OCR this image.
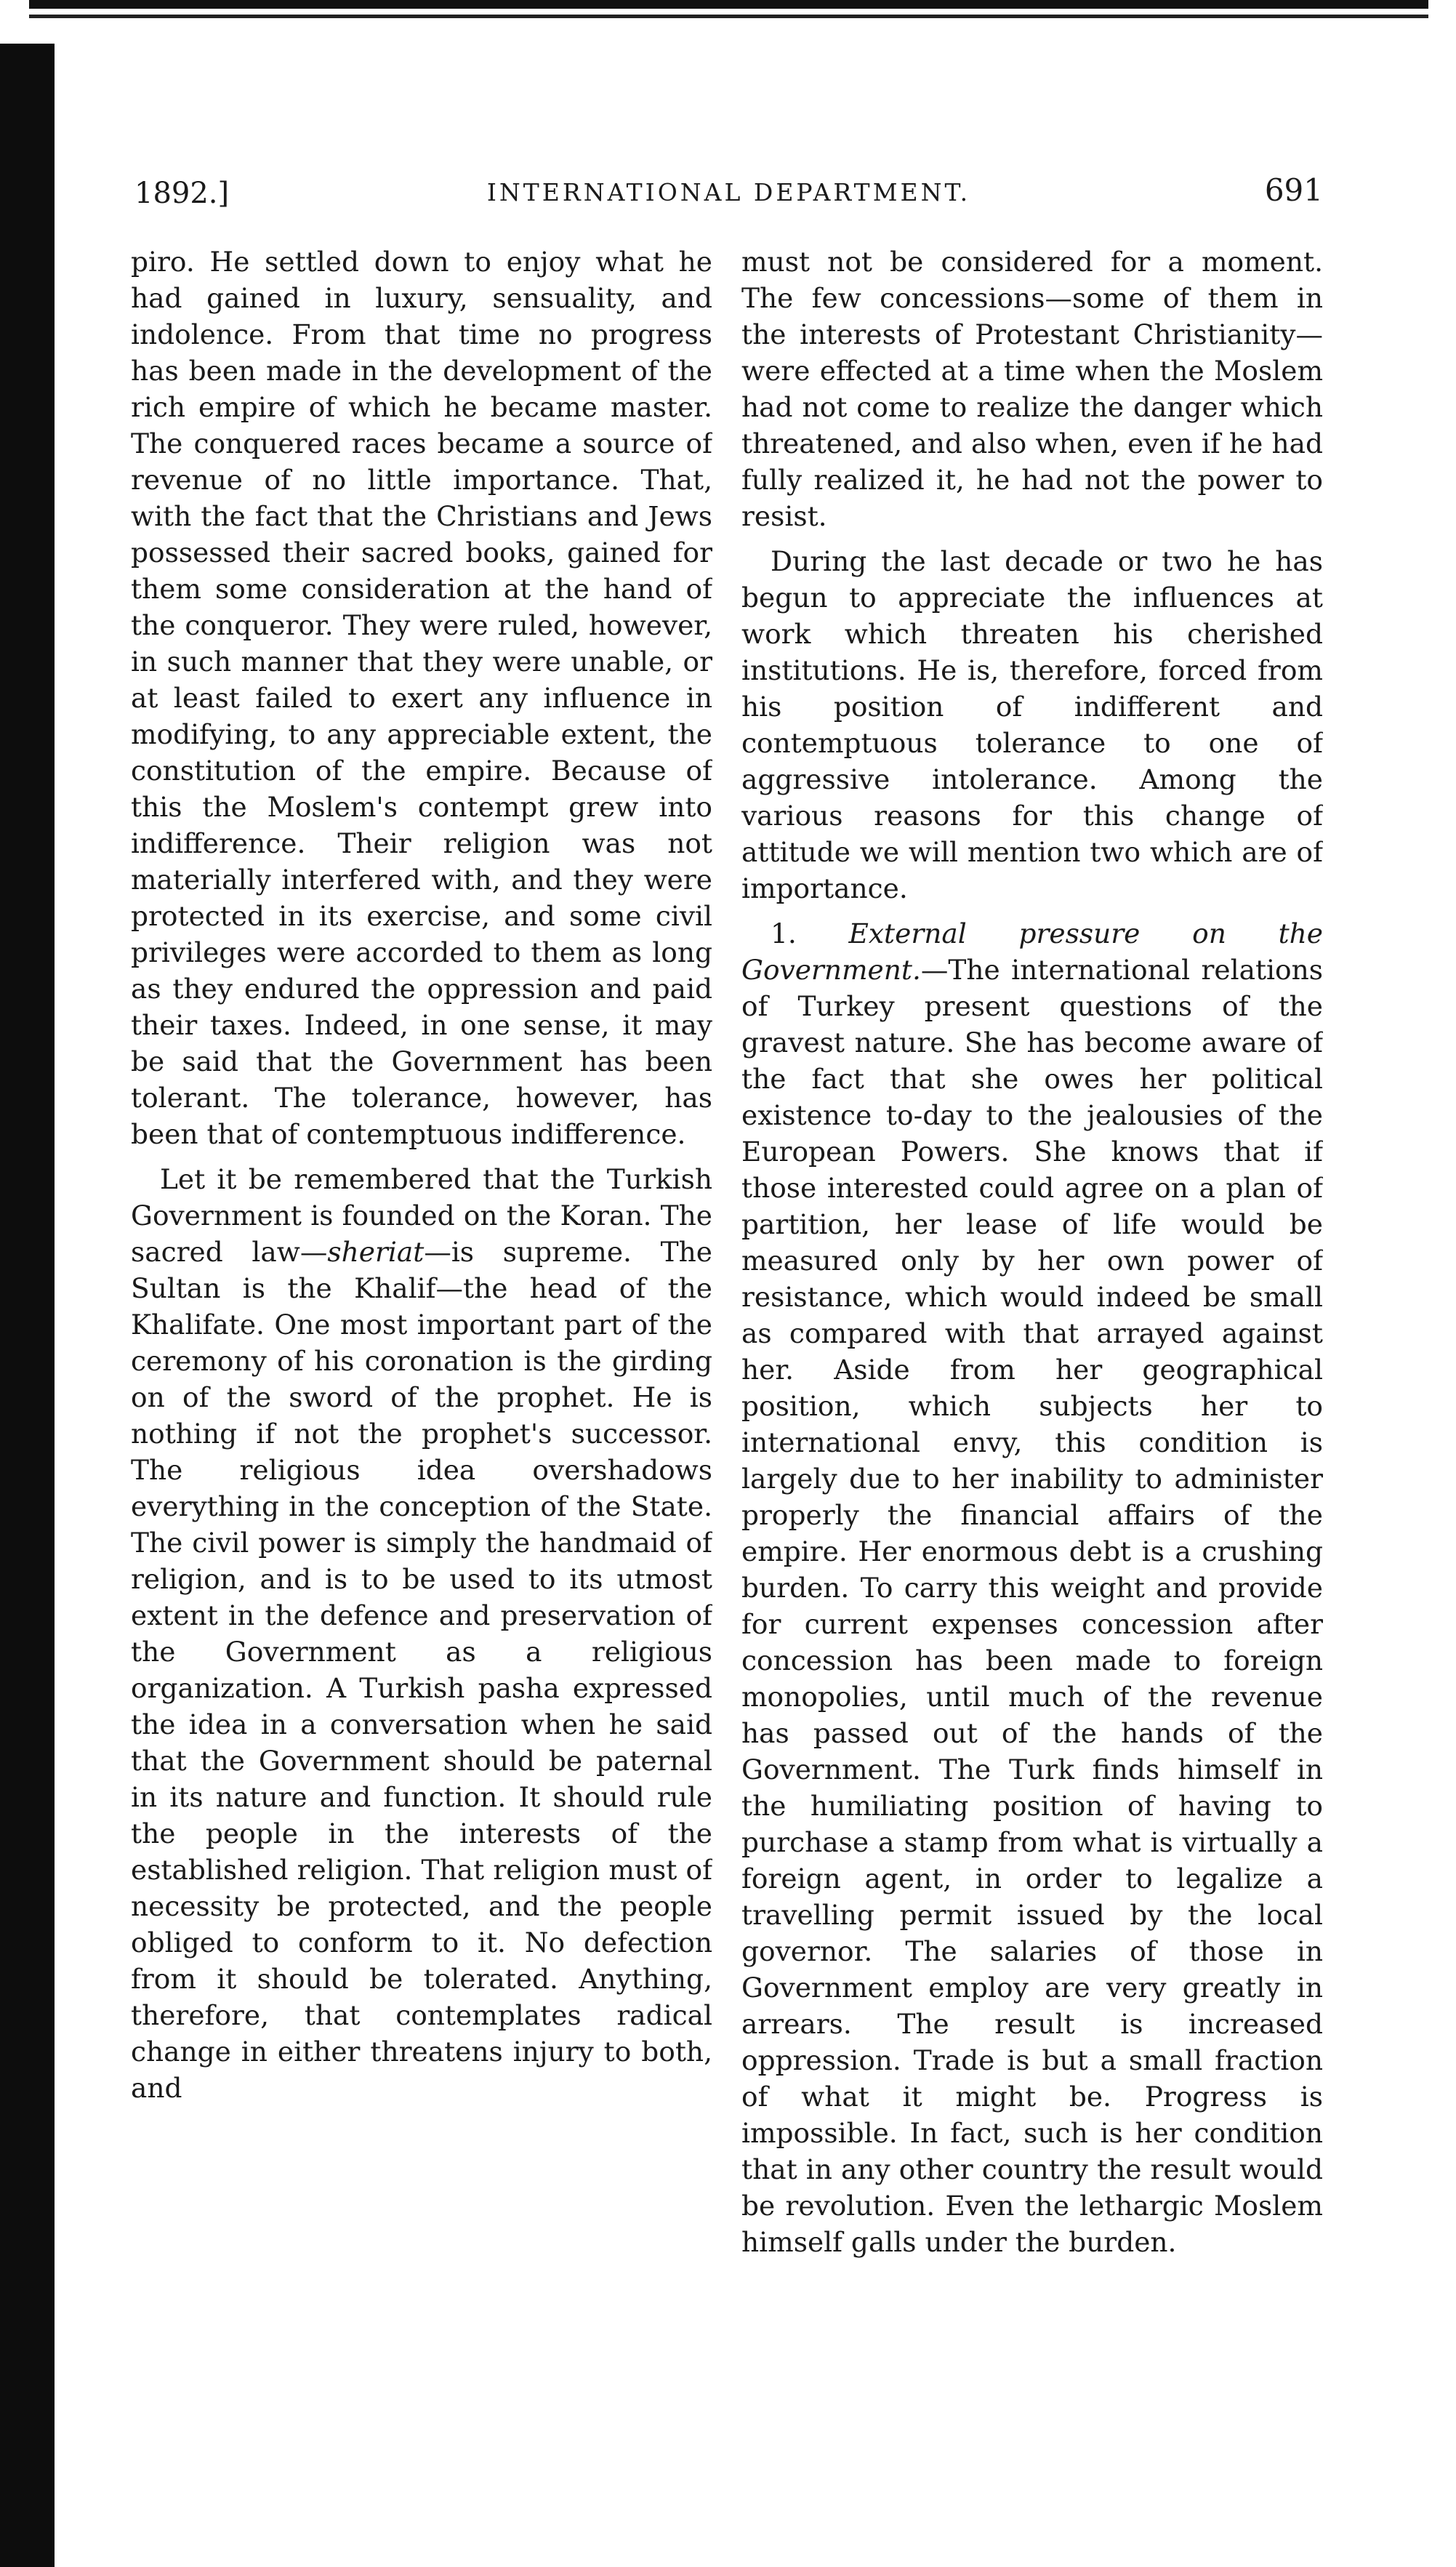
1892.]	INTERNATIONAL DEPARTMENT.	691

piro. He settled down to enjoy what he had gained in luxury, sensuality, and indolence. From that time no progress has been made in the development of the rich empire of which he became master. The conquered races became a source of revenue of no little importance. That, with the fact that the Christians and Jews possessed their sacred books, gained for them some consideration at the hand of the conqueror. They were ruled, however, in such manner that they were unable, or at least failed to exert any influence in modifying, to any appreciable extent, the constitution of the empire. Because of this the Moslem's contempt grew into indifference. Their religion was not materially interfered with, and they were protected in its exercise, and some civil privileges were accorded to them as long as they endured the oppression and paid their taxes. Indeed, in one sense, it may be said that the Government has been tolerant. The tolerance, however, has been that of contemptuous indifference.

Let it be remembered that the Turkish Government is founded on the Koran. The sacred law—sheriat—is supreme. The Sultan is the Khalif—the head of the Khalifate. One most important part of the ceremony of his coronation is the girding on of the sword of the prophet. He is nothing if not the prophet's successor. The religious idea overshadows everything in the conception of the State. The civil power is simply the handmaid of religion, and is to be used to its utmost extent in the defence and preservation of the Government as a religious organization. A Turkish pasha expressed the idea in a conversation when he said that the Government should be paternal in its nature and function. It should rule the people in the interests of the established religion. That religion must of necessity be protected, and the people obliged to conform to it. No defection from it should be tolerated. Anything, therefore, that contemplates radical change in either threatens injury to both, and

must not be considered for a moment. The few concessions—some of them in the interests of Protestant Christianity—were effected at a time when the Moslem had not come to realize the danger which threatened, and also when, even if he had fully realized it, he had not the power to resist.

During the last decade or two he has begun to appreciate the influences at work which threaten his cherished institutions. He is, therefore, forced from his position of indifferent and contemptuous tolerance to one of aggressive intolerance. Among the various reasons for this change of attitude we will mention two which are of importance.

1. External pressure on the Government.—The international relations of Turkey present questions of the gravest nature. She has become aware of the fact that she owes her political existence to-day to the jealousies of the European Powers. She knows that if those interested could agree on a plan of partition, her lease of life would be measured only by her own power of resistance, which would indeed be small as compared with that arrayed against her. Aside from her geographical position, which subjects her to international envy, this condition is largely due to her inability to administer properly the financial affairs of the empire. Her enormous debt is a crushing burden. To carry this weight and provide for current expenses concession after concession has been made to foreign monopolies, until much of the revenue has passed out of the hands of the Government. The Turk finds himself in the humiliating position of having to purchase a stamp from what is virtually a foreign agent, in order to legalize a travelling permit issued by the local governor. The salaries of those in Government employ are very greatly in arrears. The result is increased oppression. Trade is but a small fraction of what it might be. Progress is impossible. In fact, such is her condition that in any other country the result would be revolution. Even the lethargic Moslem himself galls under the burden.
